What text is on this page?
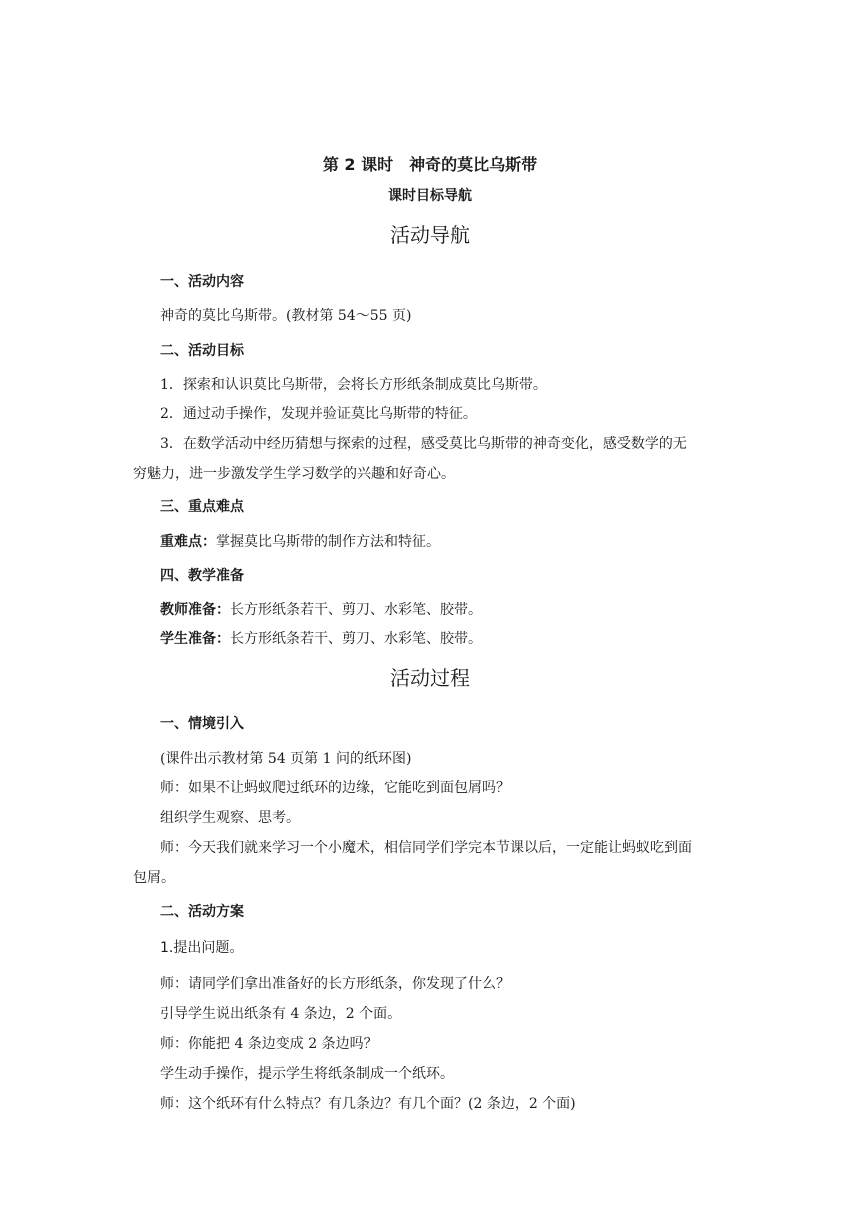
第 2 课时　神奇的莫比乌斯带
课时目标导航
活动导航
一、活动内容
神奇的莫比乌斯带。(教材第 54～55 页)
二、活动目标
1．探索和认识莫比乌斯带，会将长方形纸条制成莫比乌斯带。
2．通过动手操作，发现并验证莫比乌斯带的特征。
3．在数学活动中经历猜想与探索的过程，感受莫比乌斯带的神奇变化，感受数学的无
穷魅力，进一步激发学生学习数学的兴趣和好奇心。
三、重点难点
重难点：掌握莫比乌斯带的制作方法和特征。
四、教学准备
教师准备：长方形纸条若干、剪刀、水彩笔、胶带。
学生准备：长方形纸条若干、剪刀、水彩笔、胶带。
活动过程
一、情境引入
(课件出示教材第 54 页第 1 问的纸环图)
师：如果不让蚂蚁爬过纸环的边缘，它能吃到面包屑吗？
组织学生观察、思考。
师：今天我们就来学习一个小魔术，相信同学们学完本节课以后，一定能让蚂蚁吃到面
包屑。
二、活动方案
1.提出问题。
师：请同学们拿出准备好的长方形纸条，你发现了什么？
引导学生说出纸条有 4 条边，2 个面。
师：你能把 4 条边变成 2 条边吗？
学生动手操作，提示学生将纸条制成一个纸环。
师：这个纸环有什么特点？有几条边？有几个面？(2 条边，2 个面)
